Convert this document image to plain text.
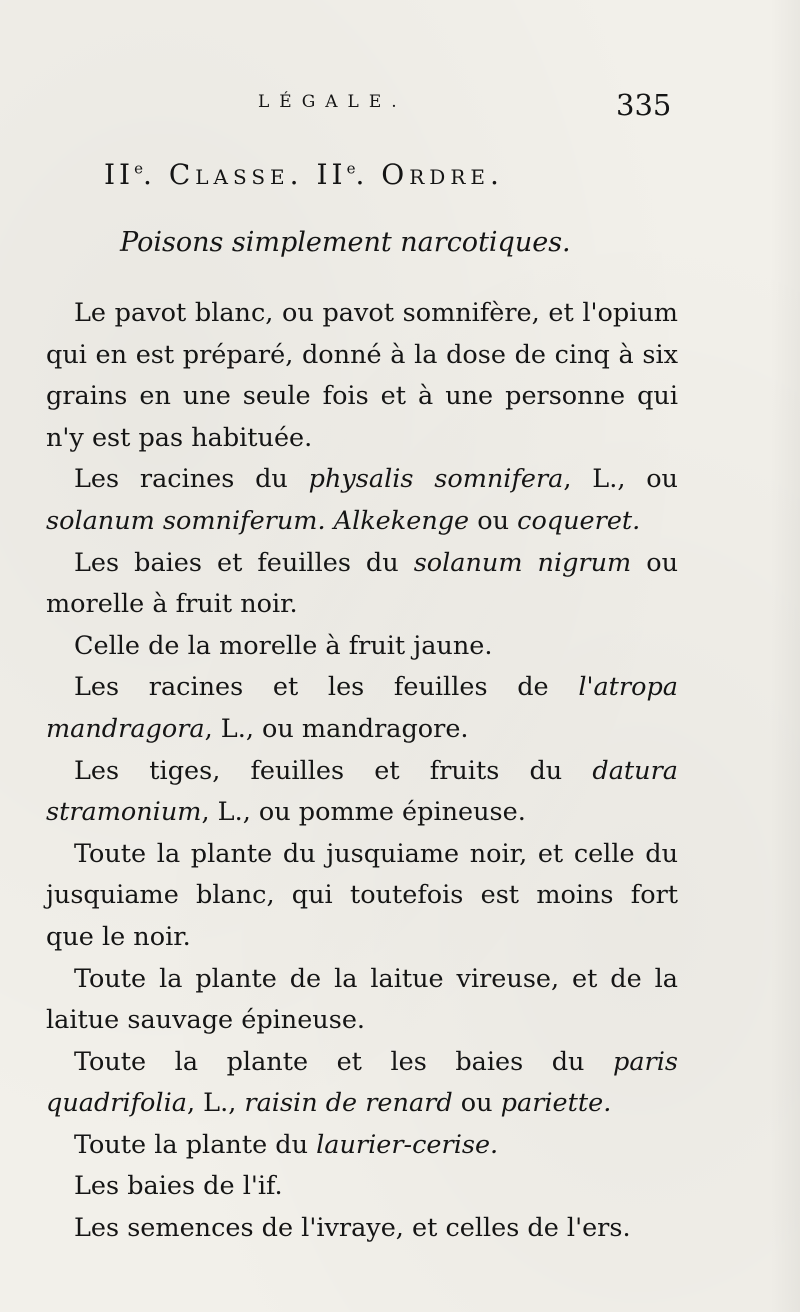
LÉGALE.	335
IIe. Classe. IIe. Ordre.
Poisons simplement narcotiques.

Le pavot blanc, ou pavot somnifère, et l'opium qui en est préparé, donné à la dose de cinq à six grains en une seule fois et à une personne qui n'y est pas habituée.

Les racines du physalis somnifera, L., ou solanum somniferum. Alkekenge ou coqueret.

Les baies et feuilles du solanum nigrum ou morelle à fruit noir.

Celle de la morelle à fruit jaune.

Les racines et les feuilles de l'atropa mandragora, L., ou mandragore.

Les tiges, feuilles et fruits du datura stramonium, L., ou pomme épineuse.

Toute la plante du jusquiame noir, et celle du jusquiame blanc, qui toutefois est moins fort que le noir.

Toute la plante de la laitue vireuse, et de la laitue sauvage épineuse.

Toute la plante et les baies du paris quadrifolia, L., raisin de renard ou pariette.

Toute la plante du laurier-cerise.

Les baies de l'if.

Les semences de l'ivraye, et celles de l'ers.
